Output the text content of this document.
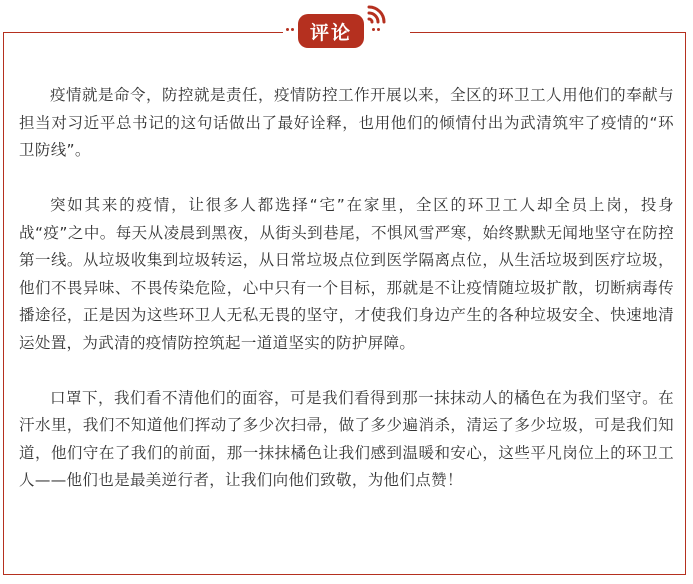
评论

疫情就是命令，防控就是责任，疫情防控工作开展以来，全区的环卫工人用他们的奉献与担当对习近平总书记的这句话做出了最好诠释，也用他们的倾情付出为武清筑牢了疫情的“环卫防线”。

突如其来的疫情，让很多人都选择“宅”在家里，全区的环卫工人却全员上岗，投身战“疫”之中。每天从凌晨到黑夜，从街头到巷尾，不惧风雪严寒，始终默默无闻地坚守在防控第一线。从垃圾收集到垃圾转运，从日常垃圾点位到医学隔离点位，从生活垃圾到医疗垃圾，他们不畏异味、不畏传染危险，心中只有一个目标，那就是不让疫情随垃圾扩散，切断病毒传播途径，正是因为这些环卫人无私无畏的坚守，才使我们身边产生的各种垃圾安全、快速地清运处置，为武清的疫情防控筑起一道道坚实的防护屏障。

口罩下，我们看不清他们的面容，可是我们看得到那一抹抹动人的橘色在为我们坚守。在汗水里，我们不知道他们挥动了多少次扫帚，做了多少遍消杀，清运了多少垃圾，可是我们知道，他们守在了我们的前面，那一抹抹橘色让我们感到温暖和安心，这些平凡岗位上的环卫工人——他们也是最美逆行者，让我们向他们致敬，为他们点赞！
